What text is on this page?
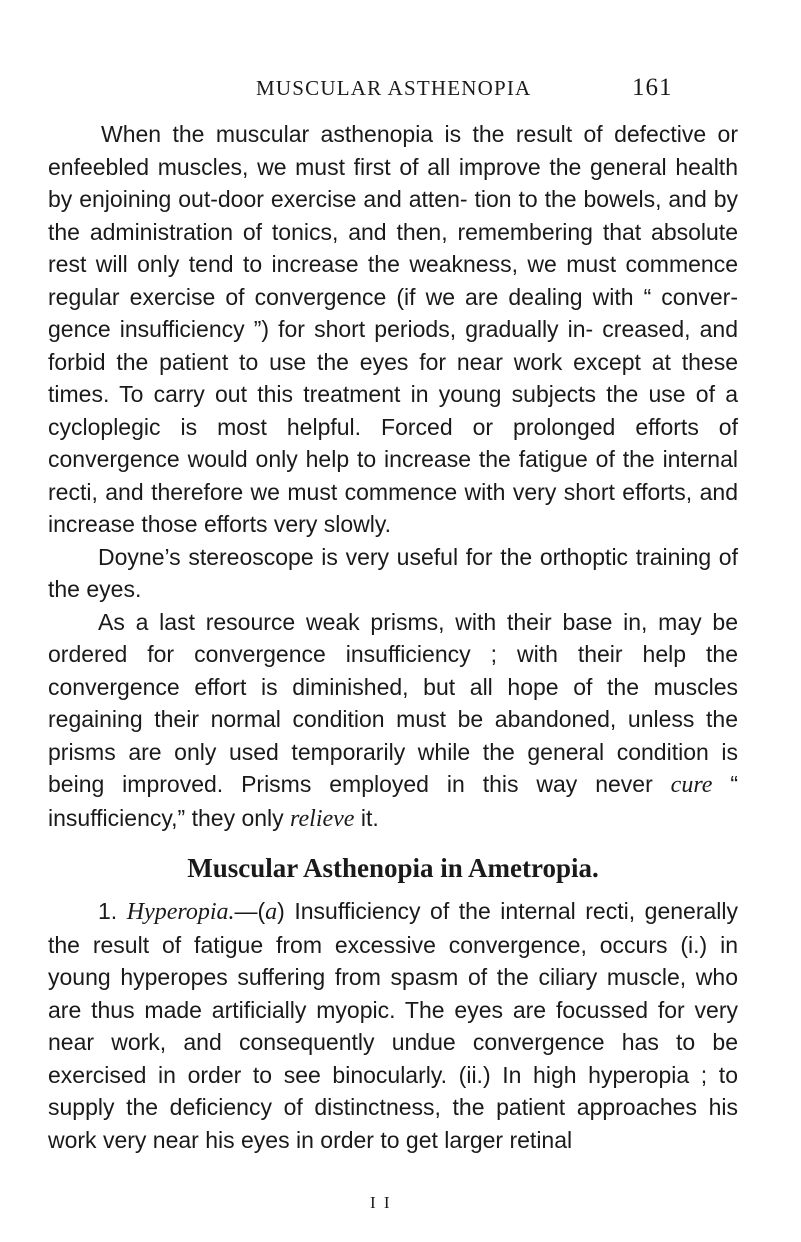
MUSCULAR ASTHENOPIA	161

When the muscular asthenopia is the result of defective or enfeebled muscles, we must first of all improve the general health by enjoining out-door exercise and atten- tion to the bowels, and by the administration of tonics, and then, remembering that absolute rest will only tend to increase the weakness, we must commence regular exercise of convergence (if we are dealing with “ conver- gence insufficiency ”) for short periods, gradually in- creased, and forbid the patient to use the eyes for near work except at these times. To carry out this treatment in young subjects the use of a cycloplegic is most helpful. Forced or prolonged efforts of convergence would only help to increase the fatigue of the internal recti, and therefore we must commence with very short efforts, and increase those efforts very slowly.

Doyne’s stereoscope is very useful for the orthoptic training of the eyes.

As a last resource weak prisms, with their base in, may be ordered for convergence insufficiency ; with their help the convergence effort is diminished, but all hope of the muscles regaining their normal condition must be abandoned, unless the prisms are only used temporarily while the general condition is being improved. Prisms employed in this way never cure “ insufficiency,” they only relieve it.

Muscular Asthenopia in Ametropia.

1. Hyperopia.—(a) Insufficiency of the internal recti, generally the result of fatigue from excessive convergence, occurs (i.) in young hyperopes suffering from spasm of the ciliary muscle, who are thus made artificially myopic. The eyes are focussed for very near work, and consequently undue convergence has to be exercised in order to see binocularly. (ii.) In high hyperopia ; to supply the deficiency of distinctness, the patient approaches his work very near his eyes in order to get larger retinal

I I
